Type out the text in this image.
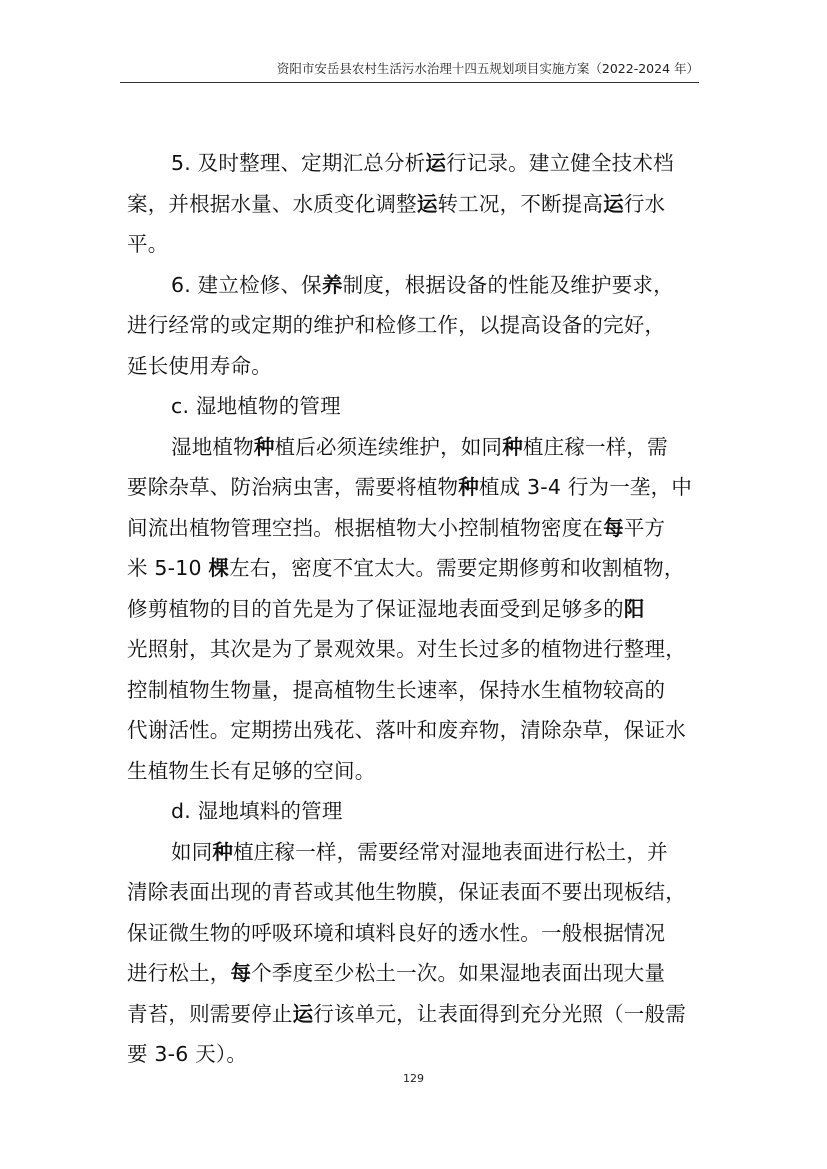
资阳市安岳县农村生活污水治理十四五规划项目实施方案（2022-2024 年）

5. 及时整理、定期汇总分析运行记录。建立健全技术档
案，并根据水量、水质变化调整运转工况，不断提高运行水
平。

6. 建立检修、保养制度，根据设备的性能及维护要求，
进行经常的或定期的维护和检修工作，以提高设备的完好，
延长使用寿命。

c. 湿地植物的管理

湿地植物种植后必须连续维护，如同种植庄稼一样，需
要除杂草、防治病虫害，需要将植物种植成 3-4 行为一垄，中
间流出植物管理空挡。根据植物大小控制植物密度在每平方
米 5-10 棵左右，密度不宜太大。需要定期修剪和收割植物，
修剪植物的目的首先是为了保证湿地表面受到足够多的阳
光照射，其次是为了景观效果。对生长过多的植物进行整理，
控制植物生物量，提高植物生长速率，保持水生植物较高的
代谢活性。定期捞出残花、落叶和废弃物，清除杂草，保证水
生植物生长有足够的空间。

d. 湿地填料的管理

如同种植庄稼一样，需要经常对湿地表面进行松土，并
清除表面出现的青苔或其他生物膜，保证表面不要出现板结，
保证微生物的呼吸环境和填料良好的透水性。一般根据情况
进行松土，每个季度至少松土一次。如果湿地表面出现大量
青苔，则需要停止运行该单元，让表面得到充分光照（一般需
要 3-6 天）。

129
